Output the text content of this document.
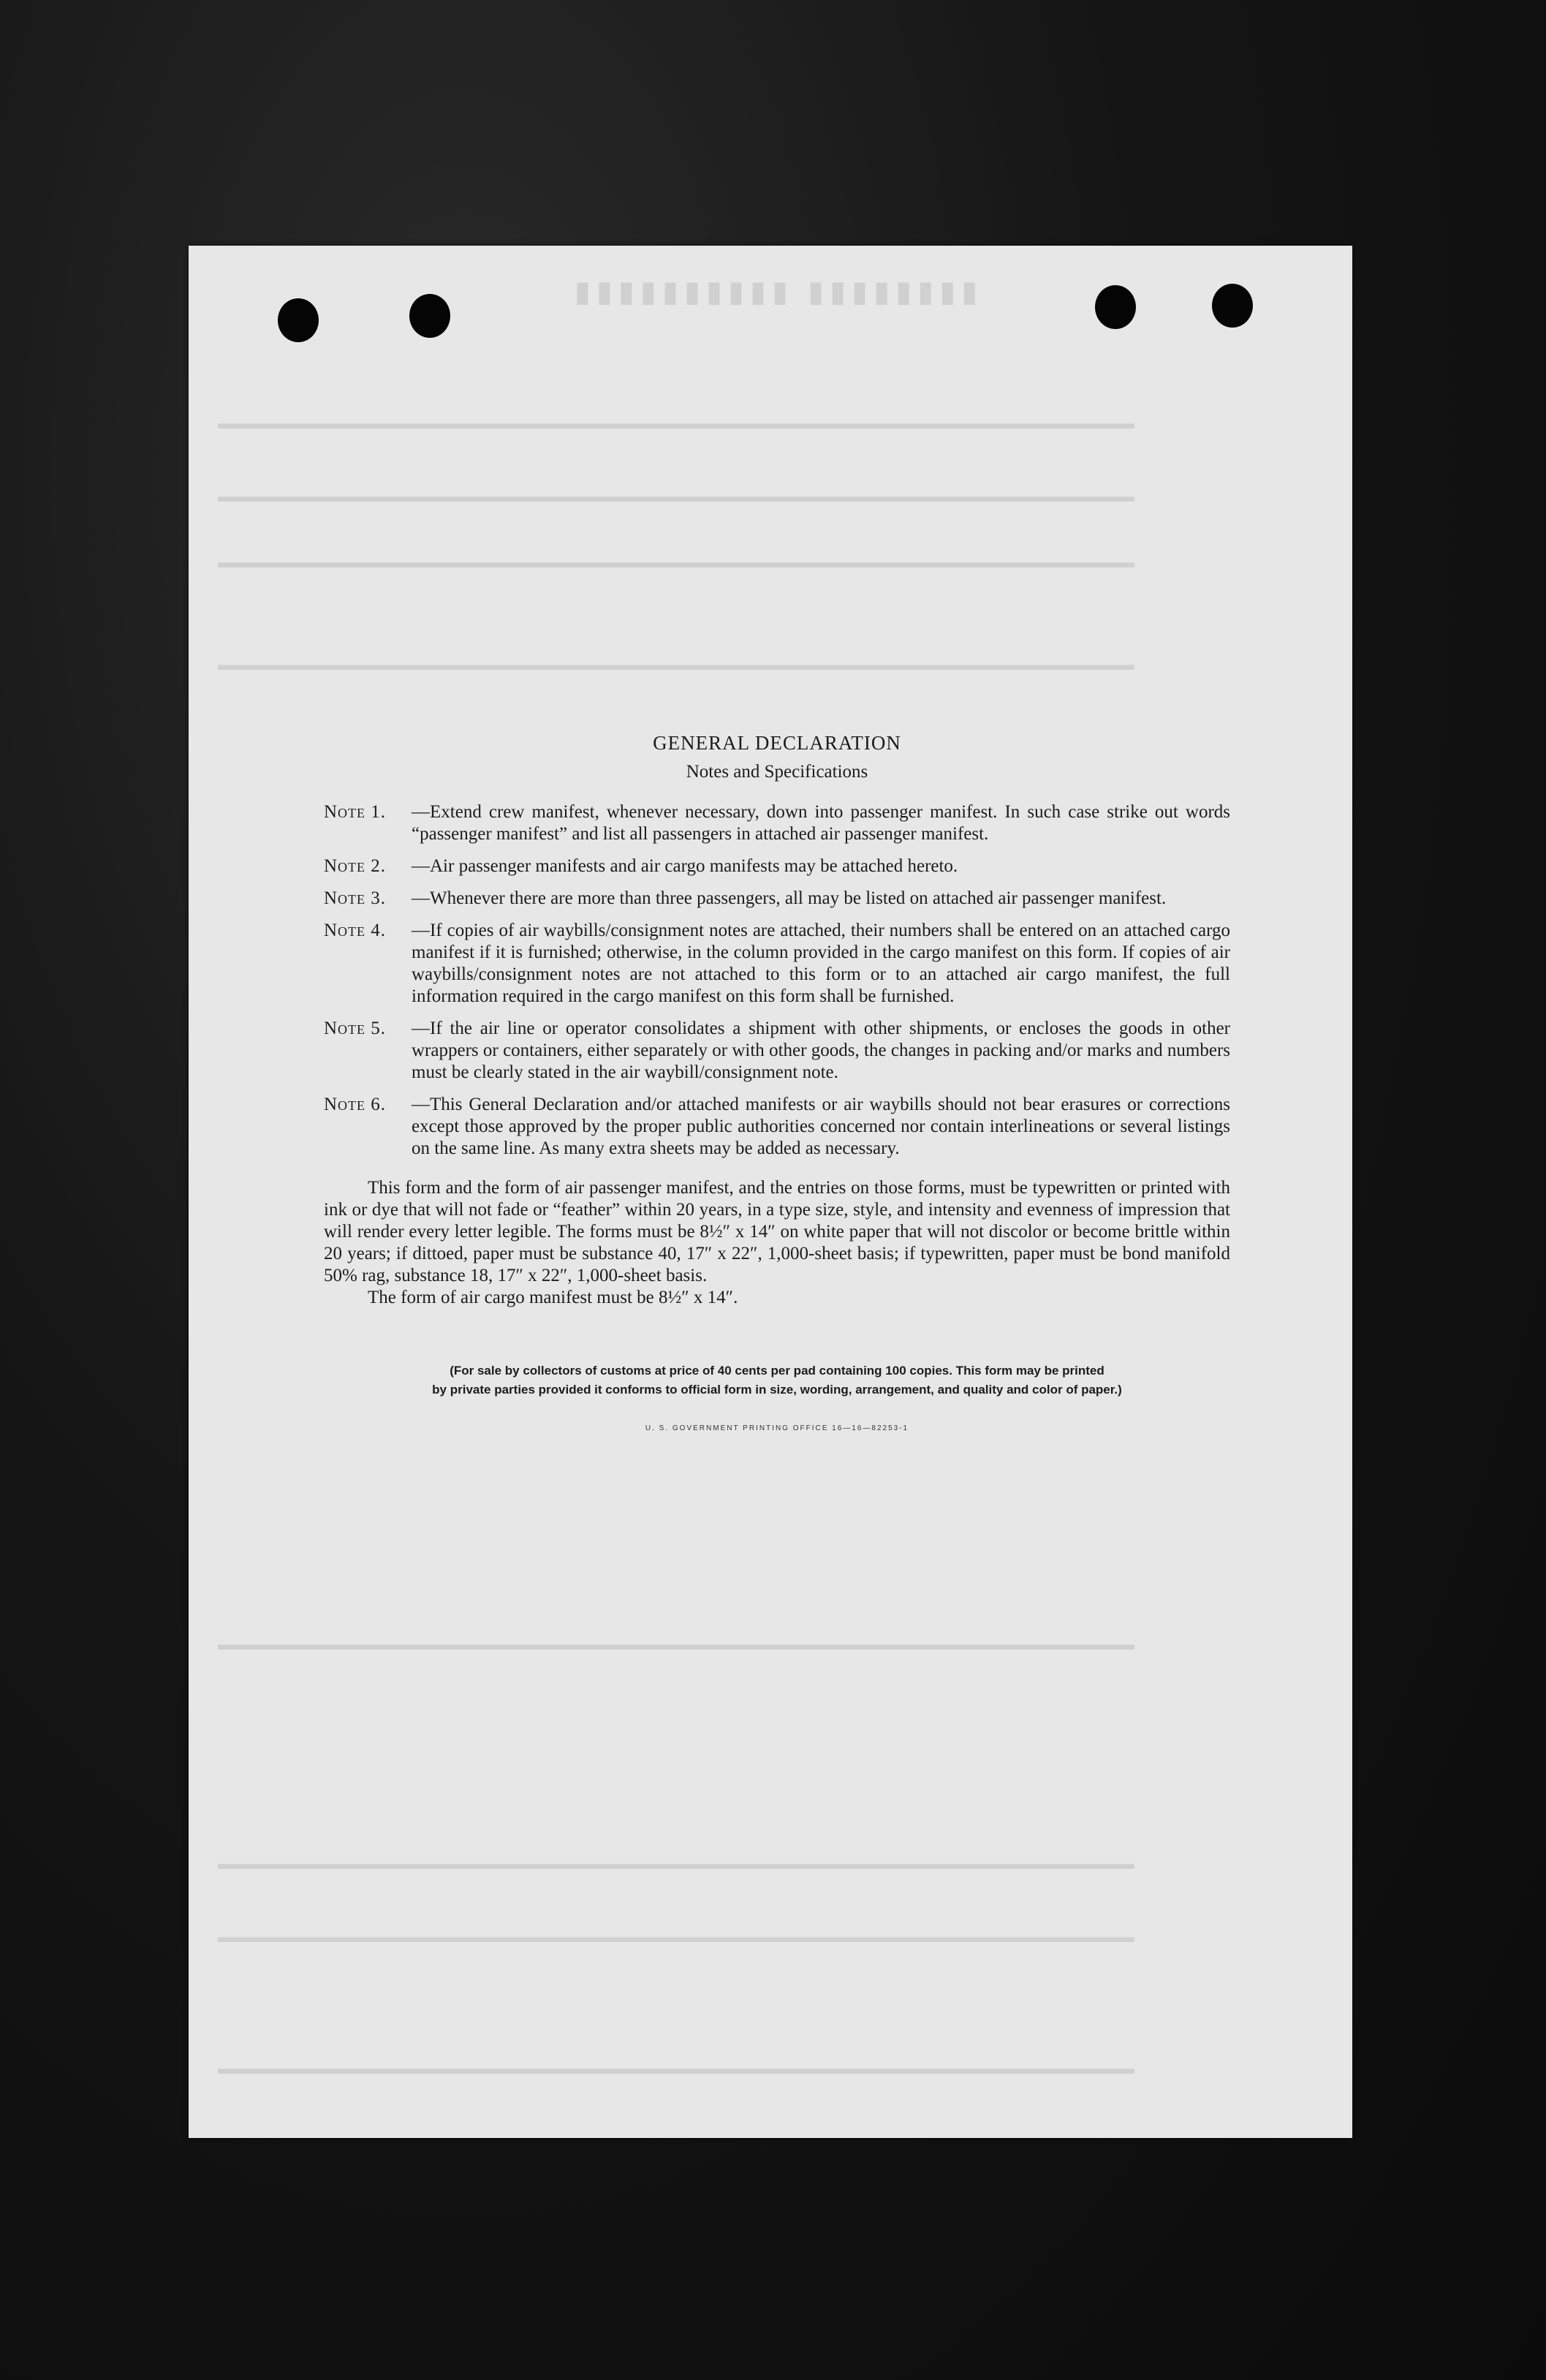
▮▮▮▮▮▮▮▮ ▮▮▮▮▮▮▮▮▮▮
▬▬▬▬▬▬▬▬▬▬▬▬▬▬▬▬▬▬▬▬▬▬▬▬▬▬▬▬▬▬▬▬▬▬▬▬▬▬▬▬▬▬▬▬▬▬▬▬▬▬▬▬▬▬▬▬▬
▬▬▬▬▬▬▬▬▬▬▬▬▬▬▬▬▬▬▬▬▬▬▬▬▬▬▬▬▬▬▬▬▬▬▬▬▬▬▬▬▬▬▬▬▬▬▬▬▬▬▬▬▬▬▬▬▬
▬▬▬▬▬▬▬▬▬▬▬▬▬▬▬▬▬▬▬▬▬▬▬▬▬▬▬▬▬▬▬▬▬▬▬▬▬▬▬▬▬▬▬▬▬▬▬▬▬▬▬▬▬▬▬▬▬
▬▬▬▬▬▬▬▬▬▬▬▬▬▬▬▬▬▬▬▬▬▬▬▬▬▬▬▬▬▬▬▬▬▬▬▬▬▬▬▬▬▬▬▬▬▬▬▬▬▬▬▬▬▬▬▬▬
▬▬▬▬▬▬▬▬▬▬▬▬▬▬▬▬▬▬▬▬▬▬▬▬▬▬▬▬▬▬▬▬▬▬▬▬▬▬▬▬▬▬▬▬▬▬▬▬▬▬▬▬▬▬▬▬▬
▬▬▬▬▬▬▬▬▬▬▬▬▬▬▬▬▬▬▬▬▬▬▬▬▬▬▬▬▬▬▬▬▬▬▬▬▬▬▬▬▬▬▬▬▬▬▬▬▬▬▬▬▬▬▬▬▬
▬▬▬▬▬▬▬▬▬▬▬▬▬▬▬▬▬▬▬▬▬▬▬▬▬▬▬▬▬▬▬▬▬▬▬▬▬▬▬▬▬▬▬▬▬▬▬▬▬▬▬▬▬▬▬▬▬
▬▬▬▬▬▬▬▬▬▬▬▬▬▬▬▬▬▬▬▬▬▬▬▬▬▬▬▬▬▬▬▬▬▬▬▬▬▬▬▬▬▬▬▬▬▬▬▬▬▬▬▬▬▬▬▬▬
GENERAL DECLARATION
Notes and Specifications
Note 1.	—Extend crew manifest, whenever necessary, down into passenger manifest. In such case strike out words “passenger manifest” and list all passengers in attached air passenger manifest.
Note 2.	—Air passenger manifests and air cargo manifests may be attached hereto.
Note 3.	—Whenever there are more than three passengers, all may be listed on attached air passenger manifest.
Note 4.	—If copies of air waybills/consignment notes are attached, their numbers shall be entered on an attached cargo manifest if it is furnished; otherwise, in the column provided in the cargo manifest on this form. If copies of air waybills/consignment notes are not attached to this form or to an attached air cargo manifest, the full information required in the cargo manifest on this form shall be furnished.
Note 5.	—If the air line or operator consolidates a shipment with other shipments, or encloses the goods in other wrappers or containers, either separately or with other goods, the changes in packing and/or marks and numbers must be clearly stated in the air waybill/consignment note.
Note 6.	—This General Declaration and/or attached manifests or air waybills should not bear erasures or corrections except those approved by the proper public authorities concerned nor contain interlineations or several listings on the same line. As many extra sheets may be added as necessary.

This form and the form of air passenger manifest, and the entries on those forms, must be typewritten or printed with ink or dye that will not fade or “feather” within 20 years, in a type size, style, and intensity and evenness of impression that will render every letter legible. The forms must be 8½″ x 14″ on white paper that will not discolor or become brittle within 20 years; if dittoed, paper must be substance 40, 17″ x 22″, 1,000-sheet basis; if typewritten, paper must be bond manifold 50% rag, substance 18, 17″ x 22″, 1,000-sheet basis.

The form of air cargo manifest must be 8½″ x 14″.

(For sale by collectors of customs at price of 40 cents per pad containing 100 copies. This form may be printed
by private parties provided it conforms to official form in size, wording, arrangement, and quality and color of paper.)
U. S. GOVERNMENT PRINTING OFFICE 16—16—82253-1
